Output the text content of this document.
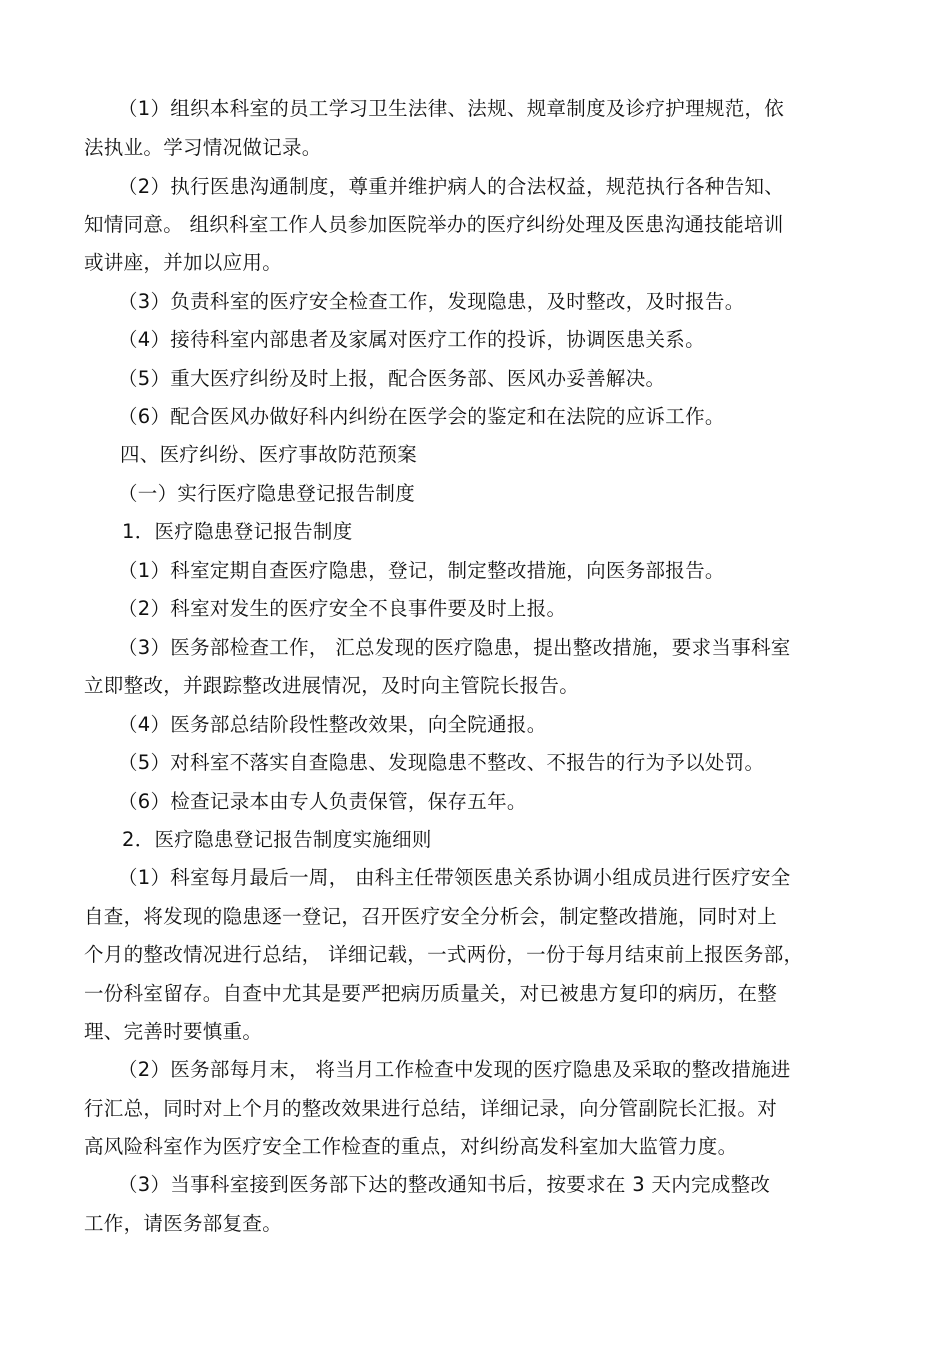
（1）组织本科室的员工学习卫生法律、法规、规章制度及诊疗护理规范，依
法执业。学习情况做记录。
（2）执行医患沟通制度，尊重并维护病人的合法权益，规范执行各种告知、
知情同意。 组织科室工作人员参加医院举办的医疗纠纷处理及医患沟通技能培训
或讲座，并加以应用。
（3）负责科室的医疗安全检查工作，发现隐患，及时整改，及时报告。
（4）接待科室内部患者及家属对医疗工作的投诉，协调医患关系。
（5）重大医疗纠纷及时上报，配合医务部、医风办妥善解决。
（6）配合医风办做好科内纠纷在医学会的鉴定和在法院的应诉工作。
四、医疗纠纷、医疗事故防范预案
（一）实行医疗隐患登记报告制度
1．医疗隐患登记报告制度
（1）科室定期自查医疗隐患，登记，制定整改措施，向医务部报告。
（2）科室对发生的医疗安全不良事件要及时上报。
（3）医务部检查工作， 汇总发现的医疗隐患，提出整改措施，要求当事科室
立即整改，并跟踪整改进展情况，及时向主管院长报告。
（4）医务部总结阶段性整改效果，向全院通报。
（5）对科室不落实自查隐患、发现隐患不整改、不报告的行为予以处罚。
（6）检查记录本由专人负责保管，保存五年。
2．医疗隐患登记报告制度实施细则
（1）科室每月最后一周， 由科主任带领医患关系协调小组成员进行医疗安全
自查，将发现的隐患逐一登记，召开医疗安全分析会，制定整改措施，同时对上
个月的整改情况进行总结， 详细记载，一式两份，一份于每月结束前上报医务部，
一份科室留存。自查中尤其是要严把病历质量关，对已被患方复印的病历，在整
理、完善时要慎重。
（2）医务部每月末， 将当月工作检查中发现的医疗隐患及采取的整改措施进
行汇总，同时对上个月的整改效果进行总结，详细记录，向分管副院长汇报。对
高风险科室作为医疗安全工作检查的重点，对纠纷高发科室加大监管力度。
（3）当事科室接到医务部下达的整改通知书后，按要求在 3 天内完成整改
工作，请医务部复查。
